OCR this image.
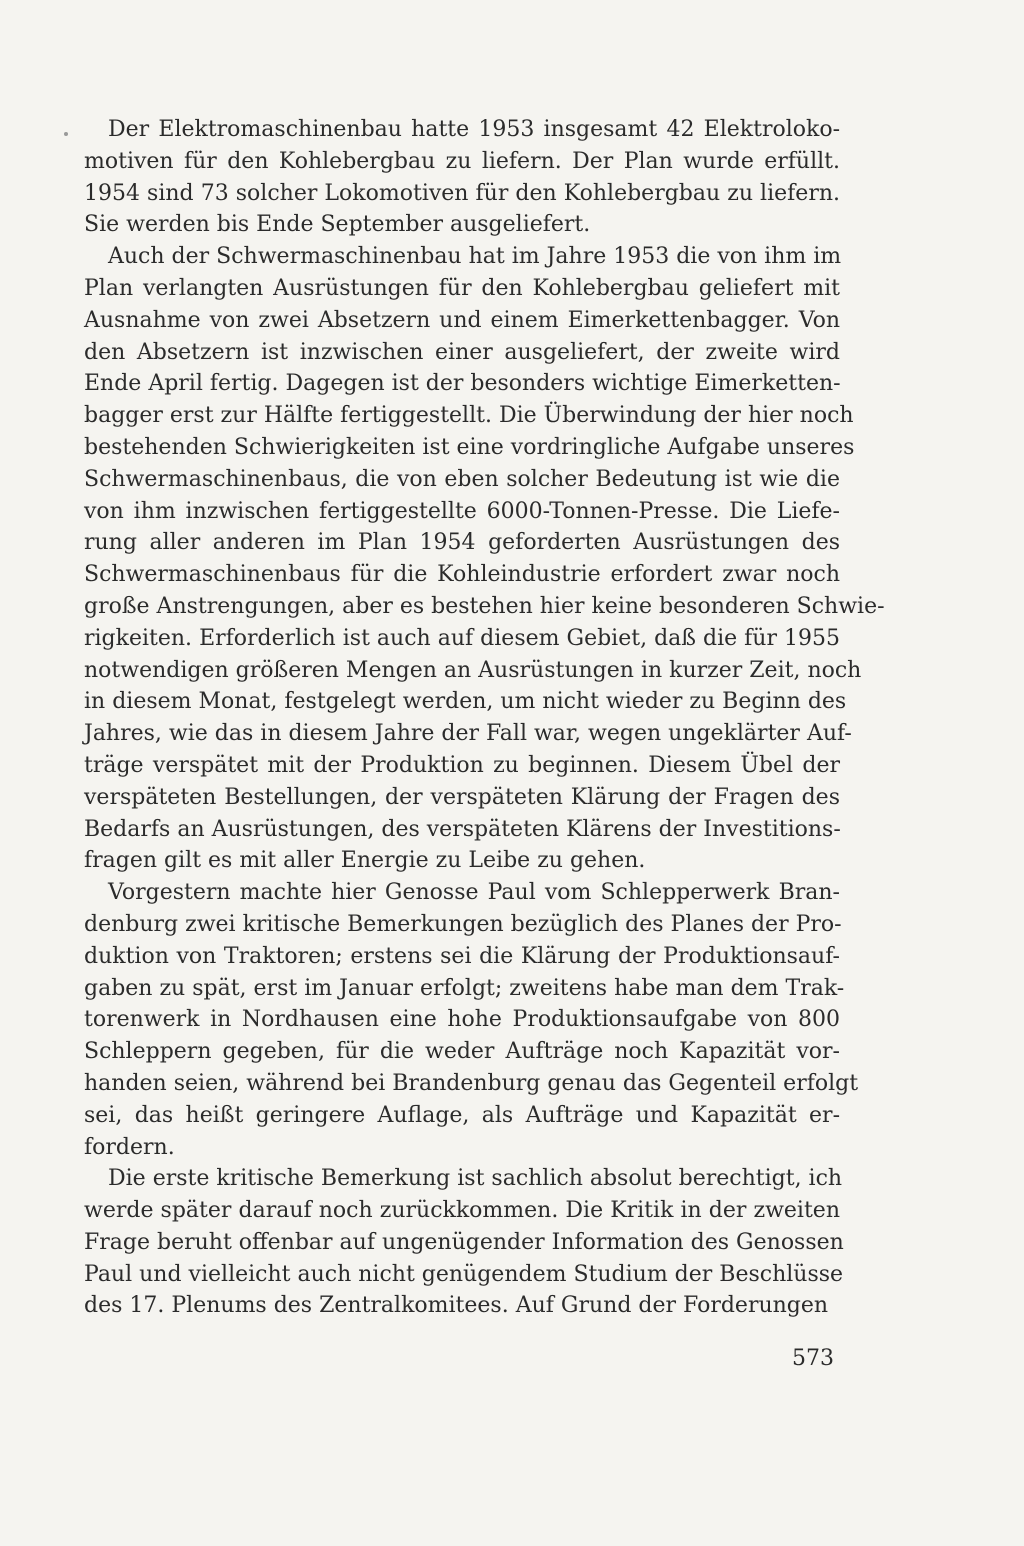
Der Elektromaschinenbau hatte 1953 insgesamt 42 Elektroloko-
motiven für den Kohlebergbau zu liefern. Der Plan wurde erfüllt.
1954 sind 73 solcher Lokomotiven für den Kohlebergbau zu liefern.
Sie werden bis Ende September ausgeliefert.
Auch der Schwermaschinenbau hat im Jahre 1953 die von ihm im
Plan verlangten Ausrüstungen für den Kohlebergbau geliefert mit
Ausnahme von zwei Absetzern und einem Eimerkettenbagger. Von
den Absetzern ist inzwischen einer ausgeliefert, der zweite wird
Ende April fertig. Dagegen ist der besonders wichtige Eimerketten-
bagger erst zur Hälfte fertiggestellt. Die Überwindung der hier noch
bestehenden Schwierigkeiten ist eine vordringliche Aufgabe unseres
Schwermaschinenbaus, die von eben solcher Bedeutung ist wie die
von ihm inzwischen fertiggestellte 6000-Tonnen-Presse. Die Liefe-
rung aller anderen im Plan 1954 geforderten Ausrüstungen des
Schwermaschinenbaus für die Kohleindustrie erfordert zwar noch
große Anstrengungen, aber es bestehen hier keine besonderen Schwie-
rigkeiten. Erforderlich ist auch auf diesem Gebiet, daß die für 1955
notwendigen größeren Mengen an Ausrüstungen in kurzer Zeit, noch
in diesem Monat, festgelegt werden, um nicht wieder zu Beginn des
Jahres, wie das in diesem Jahre der Fall war, wegen ungeklärter Auf-
träge verspätet mit der Produktion zu beginnen. Diesem Übel der
verspäteten Bestellungen, der verspäteten Klärung der Fragen des
Bedarfs an Ausrüstungen, des verspäteten Klärens der Investitions-
fragen gilt es mit aller Energie zu Leibe zu gehen.
Vorgestern machte hier Genosse Paul vom Schlepperwerk Bran-
denburg zwei kritische Bemerkungen bezüglich des Planes der Pro-
duktion von Traktoren; erstens sei die Klärung der Produktionsauf-
gaben zu spät, erst im Januar erfolgt; zweitens habe man dem Trak-
torenwerk in Nordhausen eine hohe Produktionsaufgabe von 800
Schleppern gegeben, für die weder Aufträge noch Kapazität vor-
handen seien, während bei Brandenburg genau das Gegenteil erfolgt
sei, das heißt geringere Auflage, als Aufträge und Kapazität er-
fordern.
Die erste kritische Bemerkung ist sachlich absolut berechtigt, ich
werde später darauf noch zurückkommen. Die Kritik in der zweiten
Frage beruht offenbar auf ungenügender Information des Genossen
Paul und vielleicht auch nicht genügendem Studium der Beschlüsse
des 17. Plenums des Zentralkomitees. Auf Grund der Forderungen
573
